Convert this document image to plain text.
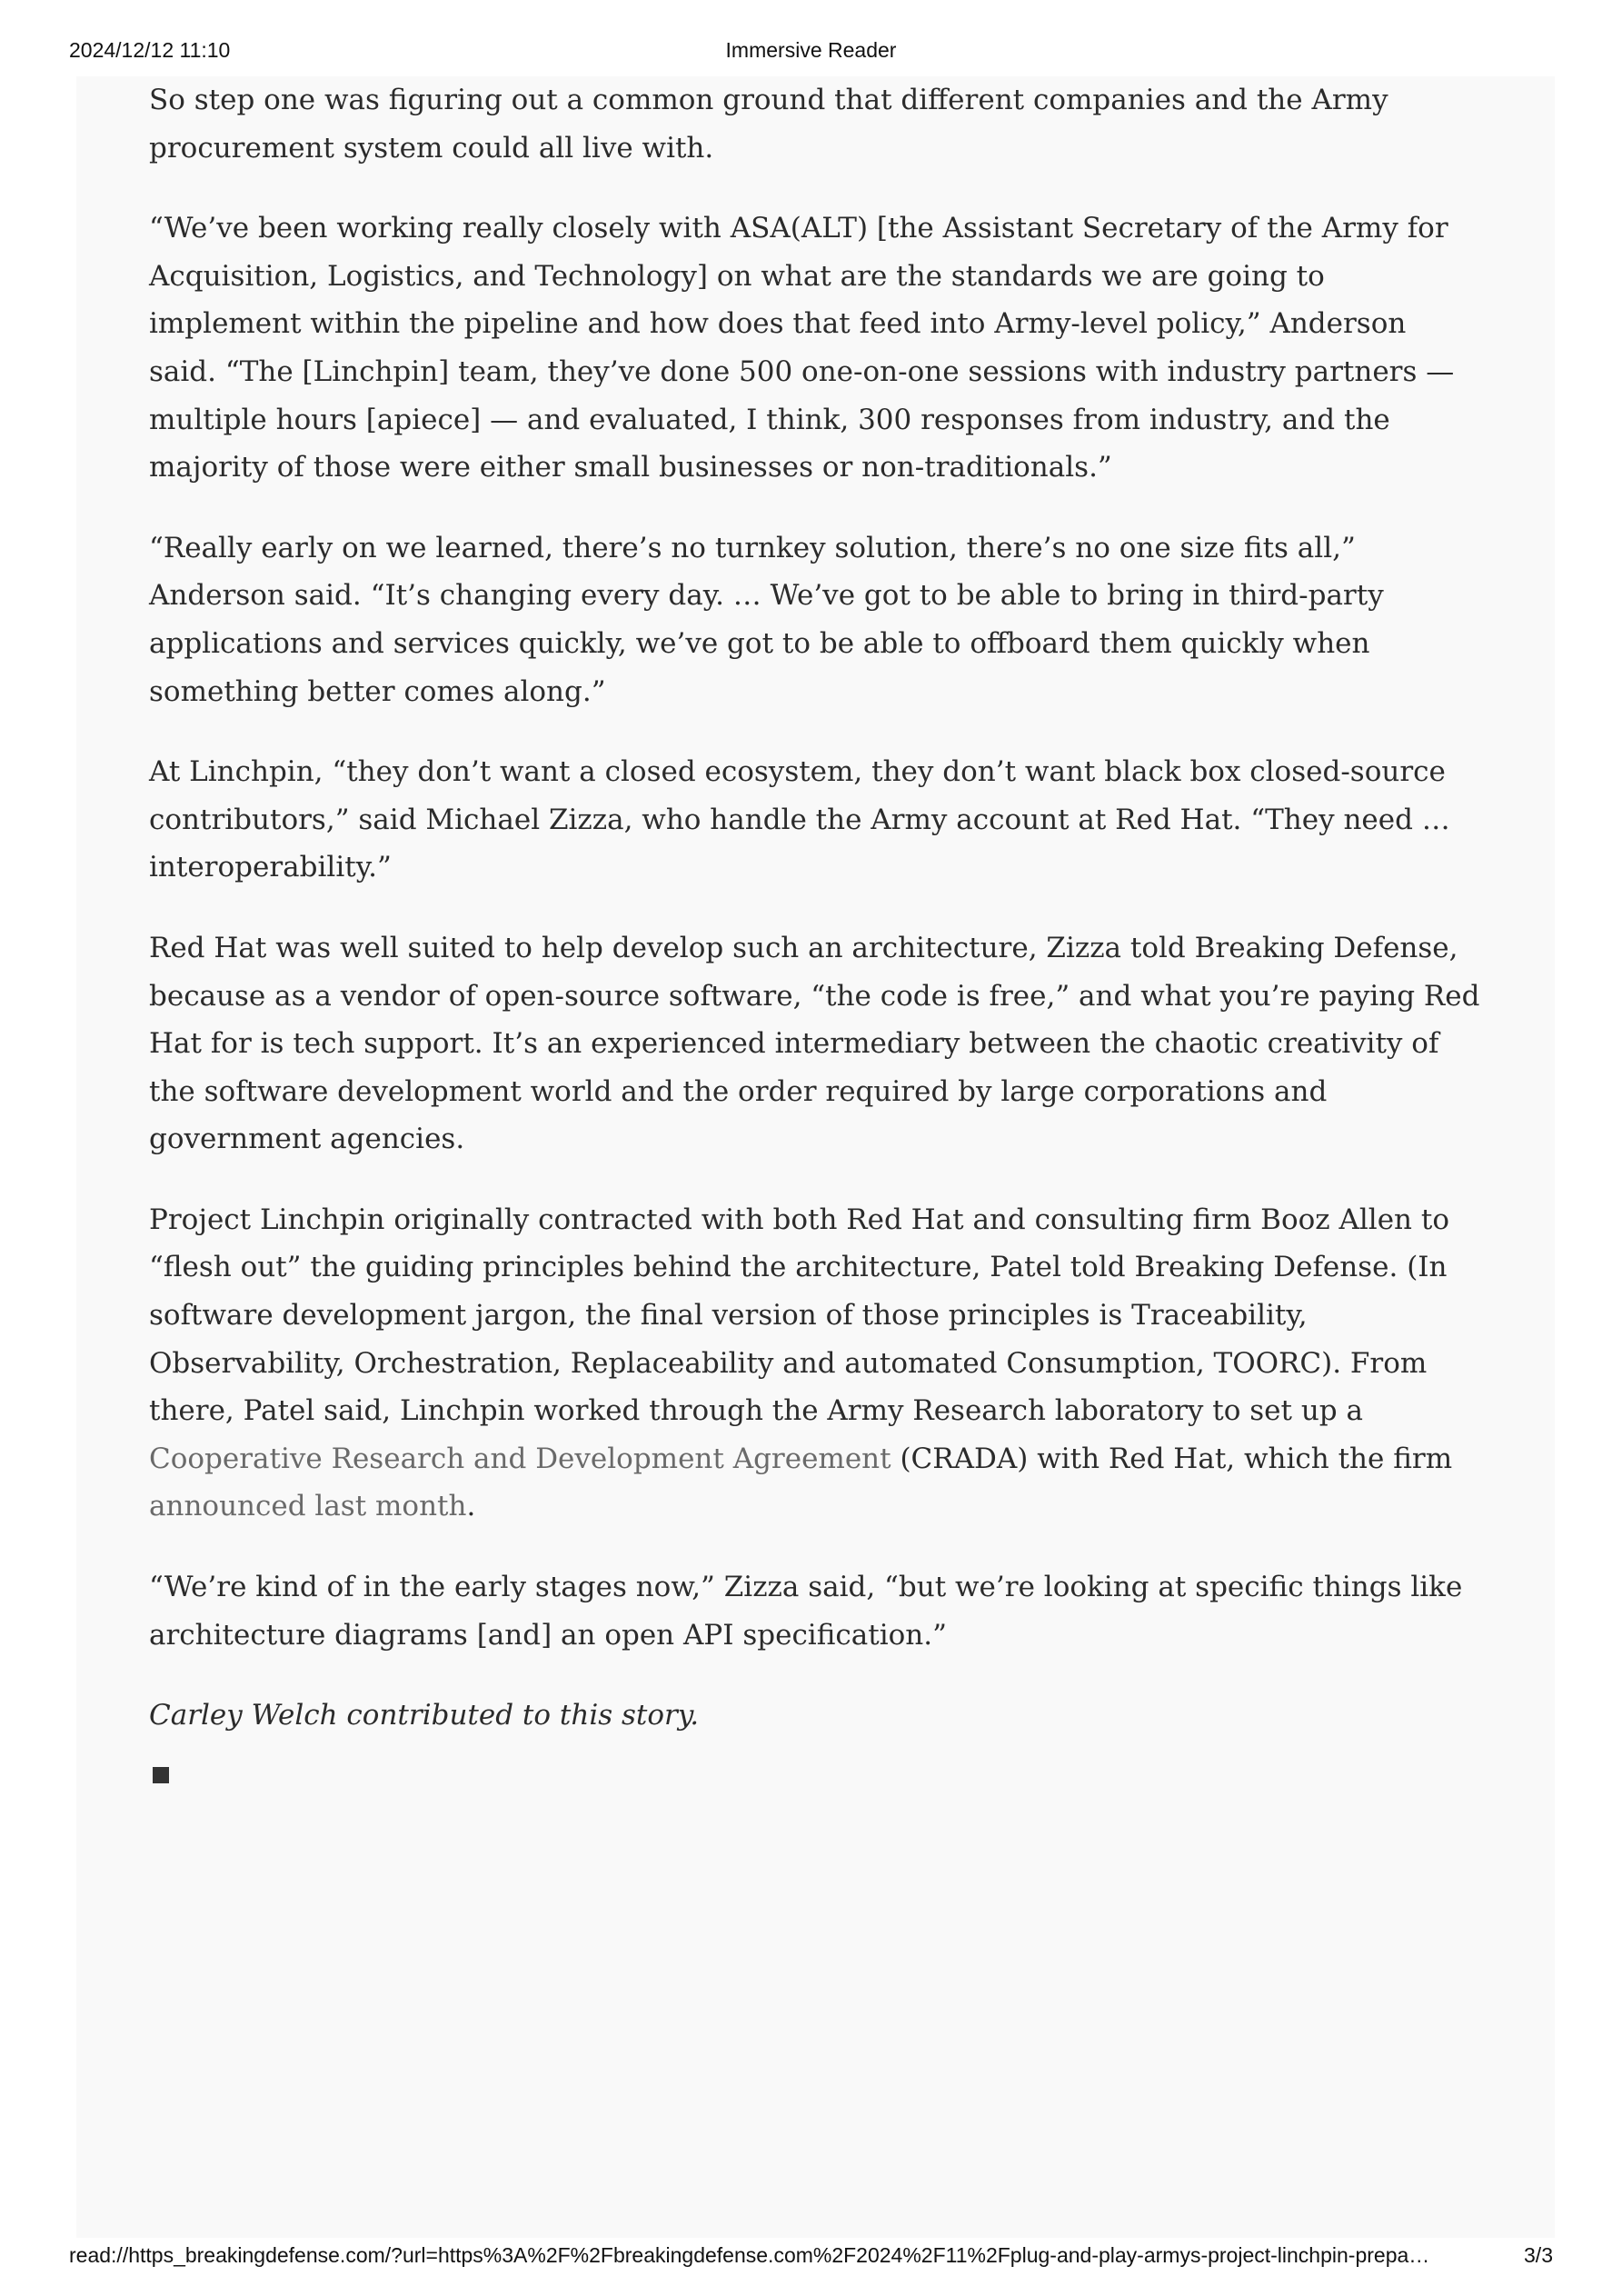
2024/12/12 11:10	Immersive Reader

So step one was figuring out a common ground that different companies and the Army procurement system could all live with.

“We’ve been working really closely with ASA(ALT) [the Assistant Secretary of the Army for Acquisition, Logistics, and Technology] on what are the standards we are going to implement within the pipeline and how does that feed into Army-level policy,” Anderson said. “The [Linchpin] team, they’ve done 500 one-on-one sessions with industry partners — multiple hours [apiece] — and evaluated, I think, 300 responses from industry, and the majority of those were either small businesses or non-traditionals.”

“Really early on we learned, there’s no turnkey solution, there’s no one size fits all,” Anderson said. “It’s changing every day. … We’ve got to be able to bring in third-party applications and services quickly, we’ve got to be able to offboard them quickly when something better comes along.”

At Linchpin, “they don’t want a closed ecosystem, they don’t want black box closed-source contributors,” said Michael Zizza, who handle the Army account at Red Hat. “They need … interoperability.”

Red Hat was well suited to help develop such an architecture, Zizza told Breaking Defense, because as a vendor of open-source software, “the code is free,” and what you’re paying Red Hat for is tech support. It’s an experienced intermediary between the chaotic creativity of the software development world and the order required by large corporations and government agencies.

Project Linchpin originally contracted with both Red Hat and consulting firm Booz Allen to “flesh out” the guiding principles behind the architecture, Patel told Breaking Defense. (In software development jargon, the final version of those principles is Traceability, Observability, Orchestration, Replaceability and automated Consumption, TOORC). From there, Patel said, Linchpin worked through the Army Research laboratory to set up a Cooperative Research and Development Agreement (CRADA) with Red Hat, which the firm announced last month.

“We’re kind of in the early stages now,” Zizza said, “but we’re looking at specific things like architecture diagrams [and] an open API specification.”

Carley Welch contributed to this story.

read://https_breakingdefense.com/?url=https%3A%2F%2Fbreakingdefense.com%2F2024%2F11%2Fplug-and-play-armys-project-linchpin-prepa…	3/3
